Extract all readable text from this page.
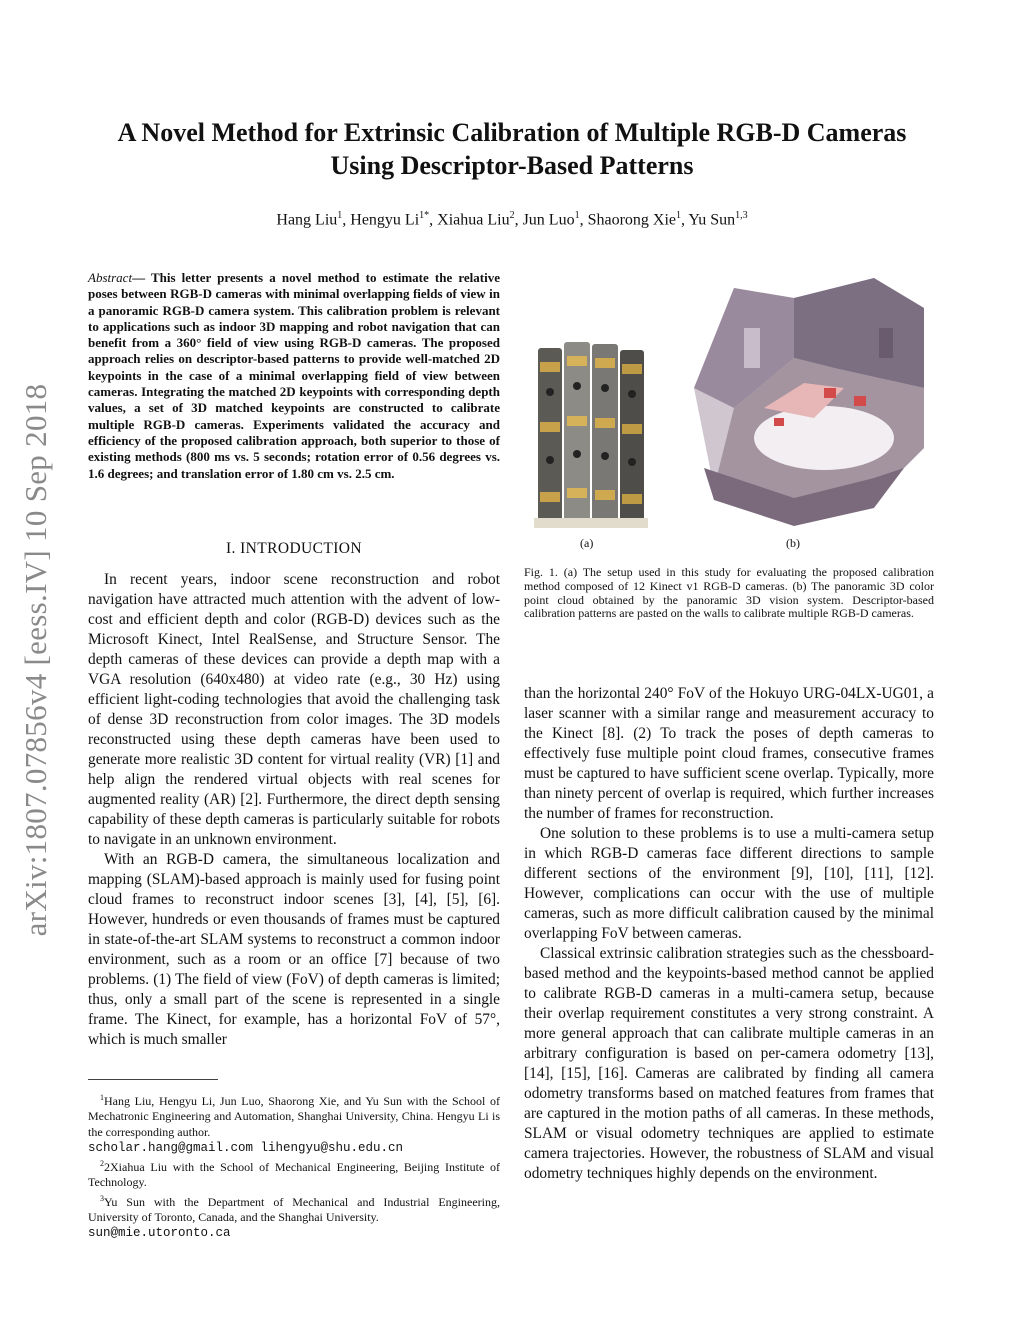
arXiv:1807.07856v4 [eess.IV] 10 Sep 2018
A Novel Method for Extrinsic Calibration of Multiple RGB-D Cameras
Using Descriptor-Based Patterns
Hang Liu$^1$, Hengyu $Li^{1*}$, Xiahua Liu$^2$, Jun Luo$^1$, Shaorong Xie$^1$, Yu Sun$^{1,3}$
Abstract— This letter presents a novel method to estimate the relative poses between RGB-D cameras with minimal overlapping fields of view in a panoramic RGB-D camera system. This calibration problem is relevant to applications such as indoor 3D mapping and robot navigation that can benefit from a 360° field of view using RGB-D cameras. The proposed approach relies on descriptor-based patterns to provide well-matched 2D keypoints in the case of a minimal overlapping field of view between cameras. Integrating the matched 2D keypoints with corresponding depth values, a set of 3D matched keypoints are constructed to calibrate multiple RGB-D cameras. Experiments validated the accuracy and efficiency of the proposed calibration approach, both superior to those of existing methods (800 ms vs. 5 seconds; rotation error of 0.56 degrees vs. 1.6 degrees; and translation error of 1.80 cm vs. 2.5 cm.
I. INTRODUCTION

In recent years, indoor scene reconstruction and robot navigation have attracted much attention with the advent of low-cost and efficient depth and color (RGB-D) devices such as the Microsoft Kinect, Intel RealSense, and Structure Sensor. The depth cameras of these devices can provide a depth map with a VGA resolution (640x480) at video rate (e.g., 30 Hz) using efficient light-coding technologies that avoid the challenging task of dense 3D reconstruction from color images. The 3D models reconstructed using these depth cameras have been used to generate more realistic 3D content for virtual reality (VR) [1] and help align the rendered virtual objects with real scenes for augmented reality (AR) [2]. Furthermore, the direct depth sensing capability of these depth cameras is particularly suitable for robots to navigate in an unknown environment.

With an RGB-D camera, the simultaneous localization and mapping (SLAM)-based approach is mainly used for fusing point cloud frames to reconstruct indoor scenes [3], [4], [5], [6]. However, hundreds or even thousands of frames must be captured in state-of-the-art SLAM systems to reconstruct a common indoor environment, such as a room or an office [7] because of two problems. (1) The field of view (FoV) of depth cameras is limited; thus, only a small part of the scene is represented in a single frame. The Kinect, for example, has a horizontal FoV of 57°, which is much smaller

$^1$Hang Liu, Hengyu Li, Jun Luo, Shaorong Xie, and Yu Sun with the School of Mechatronic Engineering and Automation, Shanghai University, China. Hengyu Li is the corresponding author.
scholar.hang@gmail.com lihengyu@shu.edu.cn

$^2$2Xiahua Liu with the School of Mechanical Engineering, Beijing Institute of Technology.

$^3$Yu Sun with the Department of Mechanical and Industrial Engineering, University of Toronto, Canada, and the Shanghai University.
sun@mie.utoronto.ca

(a)	(b)
Fig. 1. (a) The setup used in this study for evaluating the proposed calibration method composed of 12 Kinect v1 RGB-D cameras. (b) The panoramic 3D color point cloud obtained by the panoramic 3D vision system. Descriptor-based calibration patterns are pasted on the walls to calibrate multiple RGB-D cameras.

than the horizontal 240° FoV of the Hokuyo URG-04LX-UG01, a laser scanner with a similar range and measurement accuracy to the Kinect [8]. (2) To track the poses of depth cameras to effectively fuse multiple point cloud frames, consecutive frames must be captured to have sufficient scene overlap. Typically, more than ninety percent of overlap is required, which further increases the number of frames for reconstruction.

One solution to these problems is to use a multi-camera setup in which RGB-D cameras face different directions to sample different sections of the environment [9], [10], [11], [12]. However, complications can occur with the use of multiple cameras, such as more difficult calibration caused by the minimal overlapping FoV between cameras.

Classical extrinsic calibration strategies such as the chessboard-based method and the keypoints-based method cannot be applied to calibrate RGB-D cameras in a multi-camera setup, because their overlap requirement constitutes a very strong constraint. A more general approach that can calibrate multiple cameras in an arbitrary configuration is based on per-camera odometry [13], [14], [15], [16]. Cameras are calibrated by finding all camera odometry transforms based on matched features from frames that are captured in the motion paths of all cameras. In these methods, SLAM or visual odometry techniques are applied to estimate camera trajectories. However, the robustness of SLAM and visual odometry techniques highly depends on the environment.
